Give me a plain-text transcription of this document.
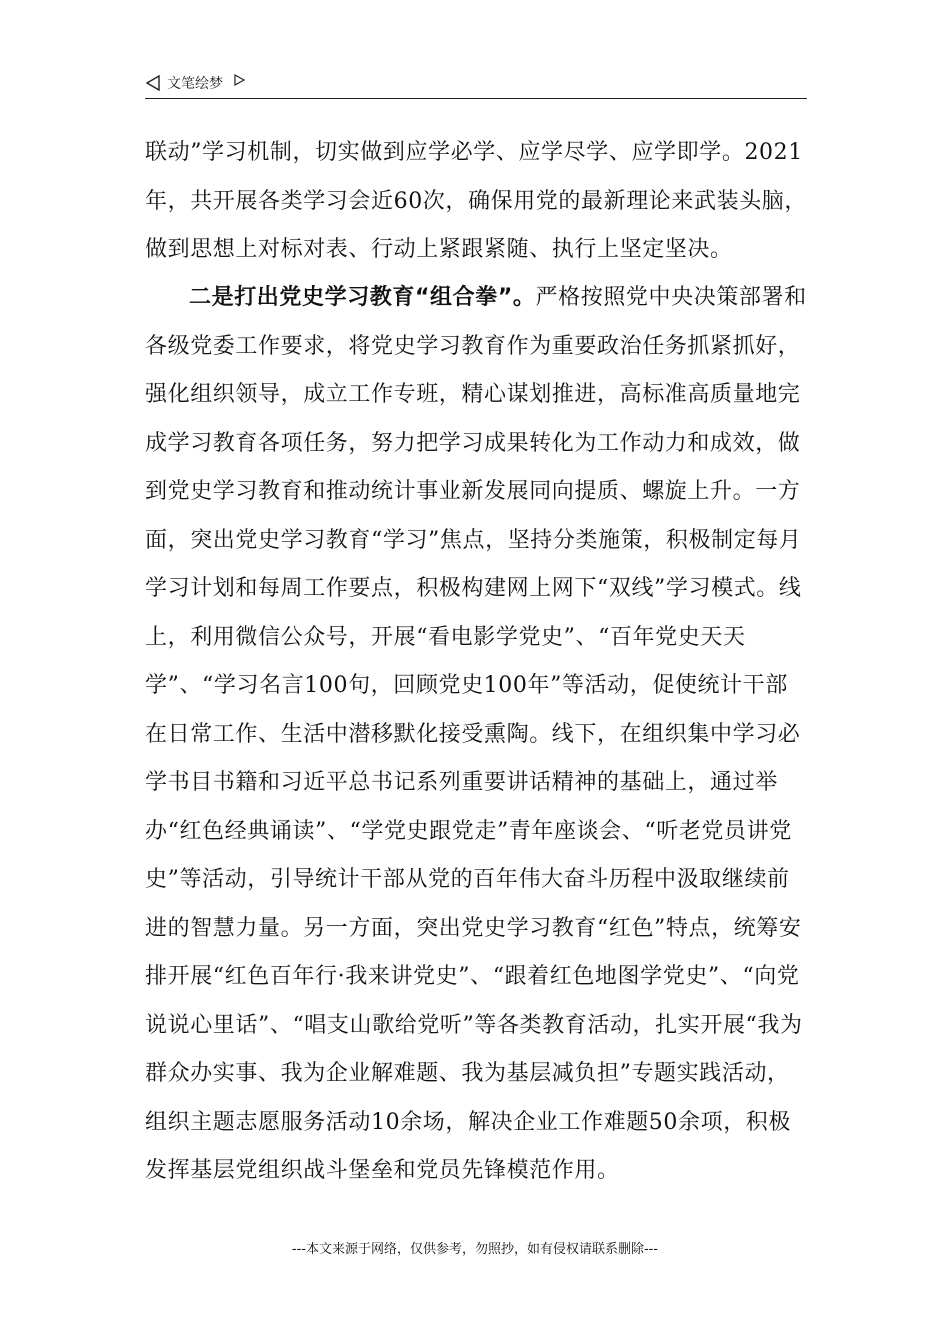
文笔绘梦
联动”学习机制，切实做到应学必学、应学尽学、应学即学。2021年，共开展各类学习会近60次，确保用党的最新理论来武装头脑，做到思想上对标对表、行动上紧跟紧随、执行上坚定坚决。
二是打出党史学习教育“组合拳”。严格按照党中央决策部署和各级党委工作要求，将党史学习教育作为重要政治任务抓紧抓好，强化组织领导，成立工作专班，精心谋划推进，高标准高质量地完成学习教育各项任务，努力把学习成果转化为工作动力和成效，做到党史学习教育和推动统计事业新发展同向提质、螺旋上升。一方面，突出党史学习教育“学习”焦点，坚持分类施策，积极制定每月学习计划和每周工作要点，积极构建网上网下“双线”学习模式。线上，利用微信公众号，开展“看电影学党史”、“百年党史天天学”、“学习名言100句，回顾党史100年”等活动，促使统计干部在日常工作、生活中潜移默化接受熏陶。线下，在组织集中学习必学书目书籍和习近平总书记系列重要讲话精神的基础上，通过举办“红色经典诵读”、“学党史跟党走”青年座谈会、“听老党员讲党史”等活动，引导统计干部从党的百年伟大奋斗历程中汲取继续前进的智慧力量。另一方面，突出党史学习教育“红色”特点，统筹安排开展“红色百年行·我来讲党史”、“跟着红色地图学党史”、“向党说说心里话”、“唱支山歌给党听”等各类教育活动，扎实开展“我为群众办实事、我为企业解难题、我为基层减负担”专题实践活动，组织主题志愿服务活动10余场，解决企业工作难题50余项，积极发挥基层党组织战斗堡垒和党员先锋模范作用。
---本文来源于网络，仅供参考，勿照抄，如有侵权请联系删除---
